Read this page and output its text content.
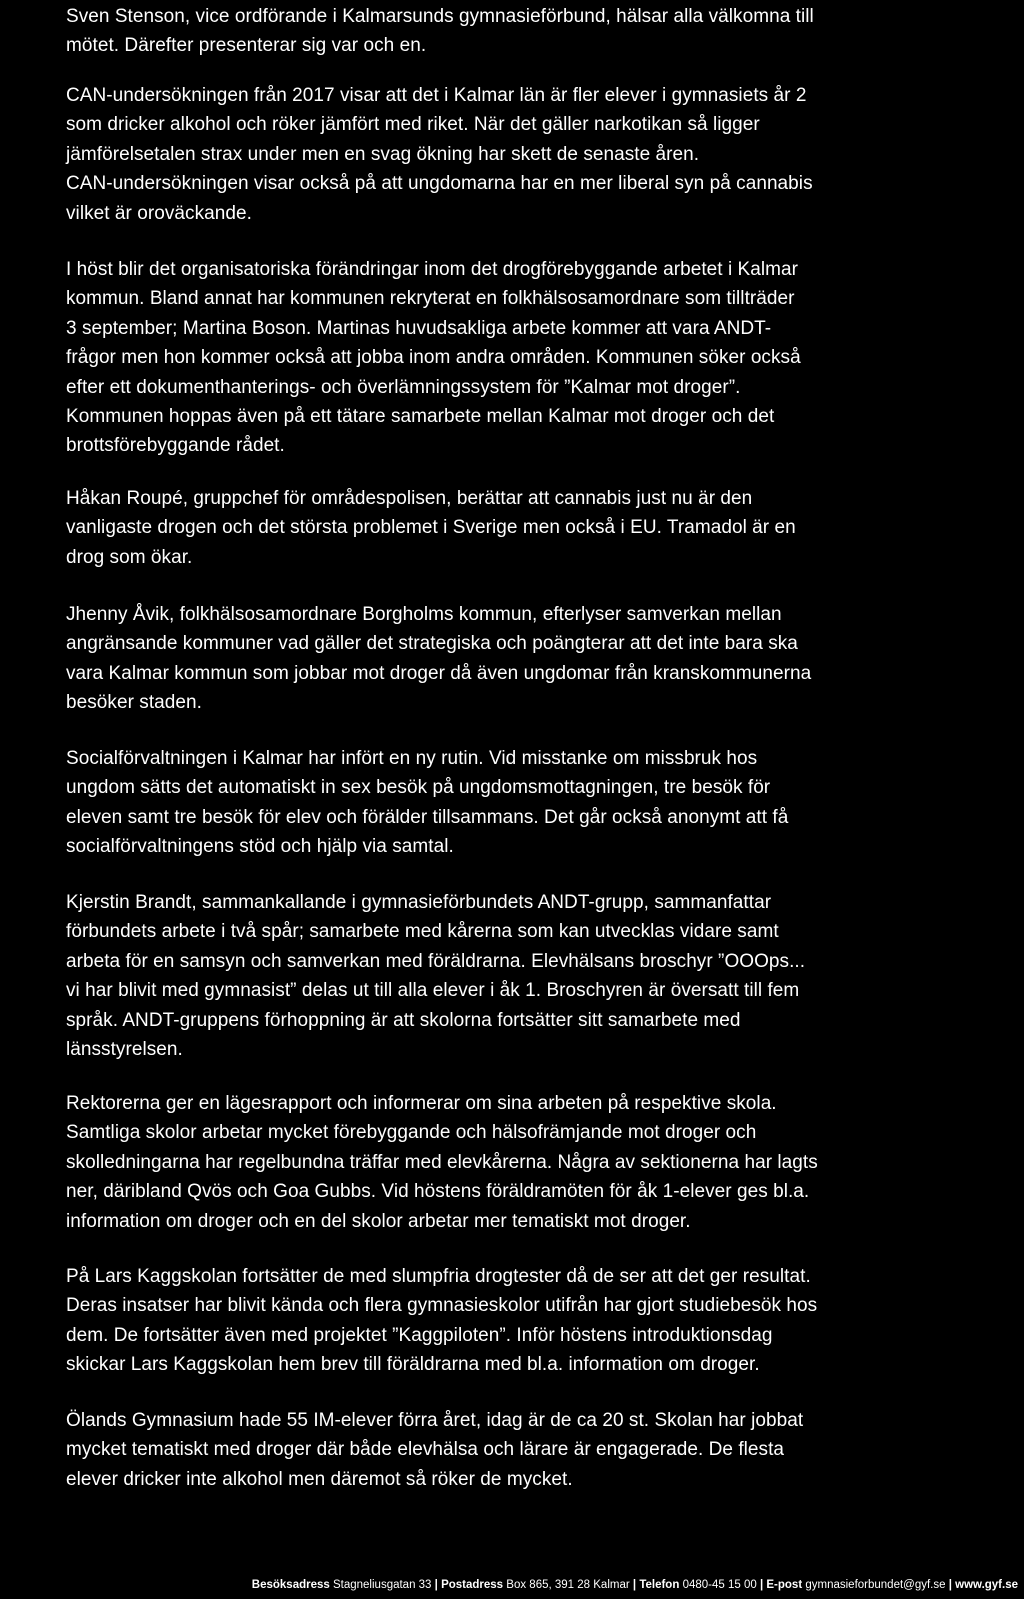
Sven Stenson, vice ordförande i Kalmarsunds gymnasieförbund, hälsar alla välkomna till
mötet. Därefter presenterar sig var och en.

CAN-undersökningen från 2017 visar att det i Kalmar län är fler elever i gymnasiets år 2
som dricker alkohol och röker jämfört med riket. När det gäller narkotikan så ligger
jämförelsetalen strax under men en svag ökning har skett de senaste åren.
CAN-undersökningen visar också på att ungdomarna har en mer liberal syn på cannabis
vilket är oroväckande.

I höst blir det organisatoriska förändringar inom det drogförebyggande arbetet i Kalmar
kommun. Bland annat har kommunen rekryterat en folkhälsosamordnare som tillträder
3 september; Martina Boson. Martinas huvudsakliga arbete kommer att vara ANDT-
frågor men hon kommer också att jobba inom andra områden. Kommunen söker också
efter ett dokumenthanterings- och överlämningssystem för ”Kalmar mot droger”.
Kommunen hoppas även på ett tätare samarbete mellan Kalmar mot droger och det
brottsförebyggande rådet.

Håkan Roupé, gruppchef för områdespolisen, berättar att cannabis just nu är den
vanligaste drogen och det största problemet i Sverige men också i EU. Tramadol är en
drog som ökar.

Jhenny Åvik, folkhälsosamordnare Borgholms kommun, efterlyser samverkan mellan
angränsande kommuner vad gäller det strategiska och poängterar att det inte bara ska
vara Kalmar kommun som jobbar mot droger då även ungdomar från kranskommunerna
besöker staden.

Socialförvaltningen i Kalmar har infört en ny rutin. Vid misstanke om missbruk hos
ungdom sätts det automatiskt in sex besök på ungdomsmottagningen, tre besök för
eleven samt tre besök för elev och förälder tillsammans. Det går också anonymt att få
socialförvaltningens stöd och hjälp via samtal.

Kjerstin Brandt, sammankallande i gymnasieförbundets ANDT-grupp, sammanfattar
förbundets arbete i två spår; samarbete med kårerna som kan utvecklas vidare samt
arbeta för en samsyn och samverkan med föräldrarna. Elevhälsans broschyr ”OOOps...
vi har blivit med gymnasist” delas ut till alla elever i åk 1. Broschyren är översatt till fem
språk. ANDT-gruppens förhoppning är att skolorna fortsätter sitt samarbete med
länsstyrelsen.

Rektorerna ger en lägesrapport och informerar om sina arbeten på respektive skola.
Samtliga skolor arbetar mycket förebyggande och hälsofrämjande mot droger och
skolledningarna har regelbundna träffar med elevkårerna. Några av sektionerna har lagts
ner, däribland Qvös och Goa Gubbs. Vid höstens föräldramöten för åk 1-elever ges bl.a.
information om droger och en del skolor arbetar mer tematiskt mot droger.

På Lars Kaggskolan fortsätter de med slumpfria drogtester då de ser att det ger resultat.
Deras insatser har blivit kända och flera gymnasieskolor utifrån har gjort studiebesök hos
dem. De fortsätter även med projektet ”Kaggpiloten”. Inför höstens introduktionsdag
skickar Lars Kaggskolan hem brev till föräldrarna med bl.a. information om droger.

Ölands Gymnasium hade 55 IM-elever förra året, idag är de ca 20 st. Skolan har jobbat
mycket tematiskt med droger där både elevhälsa och lärare är engagerade. De flesta
elever dricker inte alkohol men däremot så röker de mycket.

Besöksadress Stagneliusgatan 33 | Postadress Box 865, 391 28 Kalmar | Telefon 0480-45 15 00 | E-post gymnasieforbundet@gyf.se | www.gyf.se
